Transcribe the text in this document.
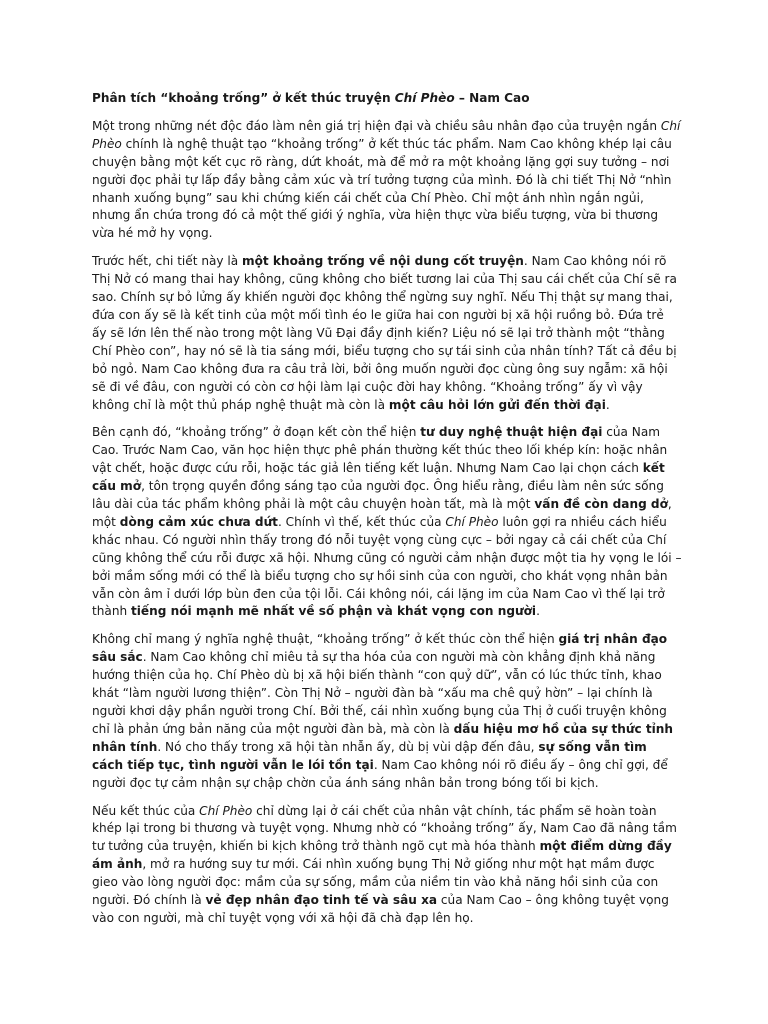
Phân tích “khoảng trống” ở kết thúc truyện Chí Phèo – Nam Cao
Một trong những nét độc đáo làm nên giá trị hiện đại và chiều sâu nhân đạo của truyện ngắn Chí Phèo chính là nghệ thuật tạo “khoảng trống” ở kết thúc tác phẩm. Nam Cao không khép lại câu chuyện bằng một kết cục rõ ràng, dứt khoát, mà để mở ra một khoảng lặng gợi suy tưởng – nơi người đọc phải tự lấp đầy bằng cảm xúc và trí tưởng tượng của mình. Đó là chi tiết Thị Nở “nhìn nhanh xuống bụng” sau khi chứng kiến cái chết của Chí Phèo. Chỉ một ánh nhìn ngắn ngủi, nhưng ẩn chứa trong đó cả một thế giới ý nghĩa, vừa hiện thực vừa biểu tượng, vừa bi thương vừa hé mở hy vọng.
Trước hết, chi tiết này là một khoảng trống về nội dung cốt truyện. Nam Cao không nói rõ Thị Nở có mang thai hay không, cũng không cho biết tương lai của Thị sau cái chết của Chí sẽ ra sao. Chính sự bỏ lửng ấy khiến người đọc không thể ngừng suy nghĩ. Nếu Thị thật sự mang thai, đứa con ấy sẽ là kết tinh của một mối tình éo le giữa hai con người bị xã hội ruồng bỏ. Đứa trẻ ấy sẽ lớn lên thế nào trong một làng Vũ Đại đầy định kiến? Liệu nó sẽ lại trở thành một “thằng Chí Phèo con”, hay nó sẽ là tia sáng mới, biểu tượng cho sự tái sinh của nhân tính? Tất cả đều bị bỏ ngỏ. Nam Cao không đưa ra câu trả lời, bởi ông muốn người đọc cùng ông suy ngẫm: xã hội sẽ đi về đâu, con người có còn cơ hội làm lại cuộc đời hay không. “Khoảng trống” ấy vì vậy không chỉ là một thủ pháp nghệ thuật mà còn là một câu hỏi lớn gửi đến thời đại.
Bên cạnh đó, “khoảng trống” ở đoạn kết còn thể hiện tư duy nghệ thuật hiện đại của Nam Cao. Trước Nam Cao, văn học hiện thực phê phán thường kết thúc theo lối khép kín: hoặc nhân vật chết, hoặc được cứu rỗi, hoặc tác giả lên tiếng kết luận. Nhưng Nam Cao lại chọn cách kết cấu mở, tôn trọng quyền đồng sáng tạo của người đọc. Ông hiểu rằng, điều làm nên sức sống lâu dài của tác phẩm không phải là một câu chuyện hoàn tất, mà là một vấn đề còn dang dở, một dòng cảm xúc chưa dứt. Chính vì thế, kết thúc của Chí Phèo luôn gợi ra nhiều cách hiểu khác nhau. Có người nhìn thấy trong đó nỗi tuyệt vọng cùng cực – bởi ngay cả cái chết của Chí cũng không thể cứu rỗi được xã hội. Nhưng cũng có người cảm nhận được một tia hy vọng le lói – bởi mầm sống mới có thể là biểu tượng cho sự hồi sinh của con người, cho khát vọng nhân bản vẫn còn âm ỉ dưới lớp bùn đen của tội lỗi. Cái không nói, cái lặng im của Nam Cao vì thế lại trở thành tiếng nói mạnh mẽ nhất về số phận và khát vọng con người.
Không chỉ mang ý nghĩa nghệ thuật, “khoảng trống” ở kết thúc còn thể hiện giá trị nhân đạo sâu sắc. Nam Cao không chỉ miêu tả sự tha hóa của con người mà còn khẳng định khả năng hướng thiện của họ. Chí Phèo dù bị xã hội biến thành “con quỷ dữ”, vẫn có lúc thức tỉnh, khao khát “làm người lương thiện”. Còn Thị Nở – người đàn bà “xấu ma chê quỷ hờn” – lại chính là người khơi dậy phần người trong Chí. Bởi thế, cái nhìn xuống bụng của Thị ở cuối truyện không chỉ là phản ứng bản năng của một người đàn bà, mà còn là dấu hiệu mơ hồ của sự thức tỉnh nhân tính. Nó cho thấy trong xã hội tàn nhẫn ấy, dù bị vùi dập đến đâu, sự sống vẫn tìm cách tiếp tục, tình người vẫn le lói tồn tại. Nam Cao không nói rõ điều ấy – ông chỉ gợi, để người đọc tự cảm nhận sự chập chờn của ánh sáng nhân bản trong bóng tối bi kịch.
Nếu kết thúc của Chí Phèo chỉ dừng lại ở cái chết của nhân vật chính, tác phẩm sẽ hoàn toàn khép lại trong bi thương và tuyệt vọng. Nhưng nhờ có “khoảng trống” ấy, Nam Cao đã nâng tầm tư tưởng của truyện, khiến bi kịch không trở thành ngõ cụt mà hóa thành một điểm dừng đầy ám ảnh, mở ra hướng suy tư mới. Cái nhìn xuống bụng Thị Nở giống như một hạt mầm được gieo vào lòng người đọc: mầm của sự sống, mầm của niềm tin vào khả năng hồi sinh của con người. Đó chính là vẻ đẹp nhân đạo tinh tế và sâu xa của Nam Cao – ông không tuyệt vọng vào con người, mà chỉ tuyệt vọng với xã hội đã chà đạp lên họ.
